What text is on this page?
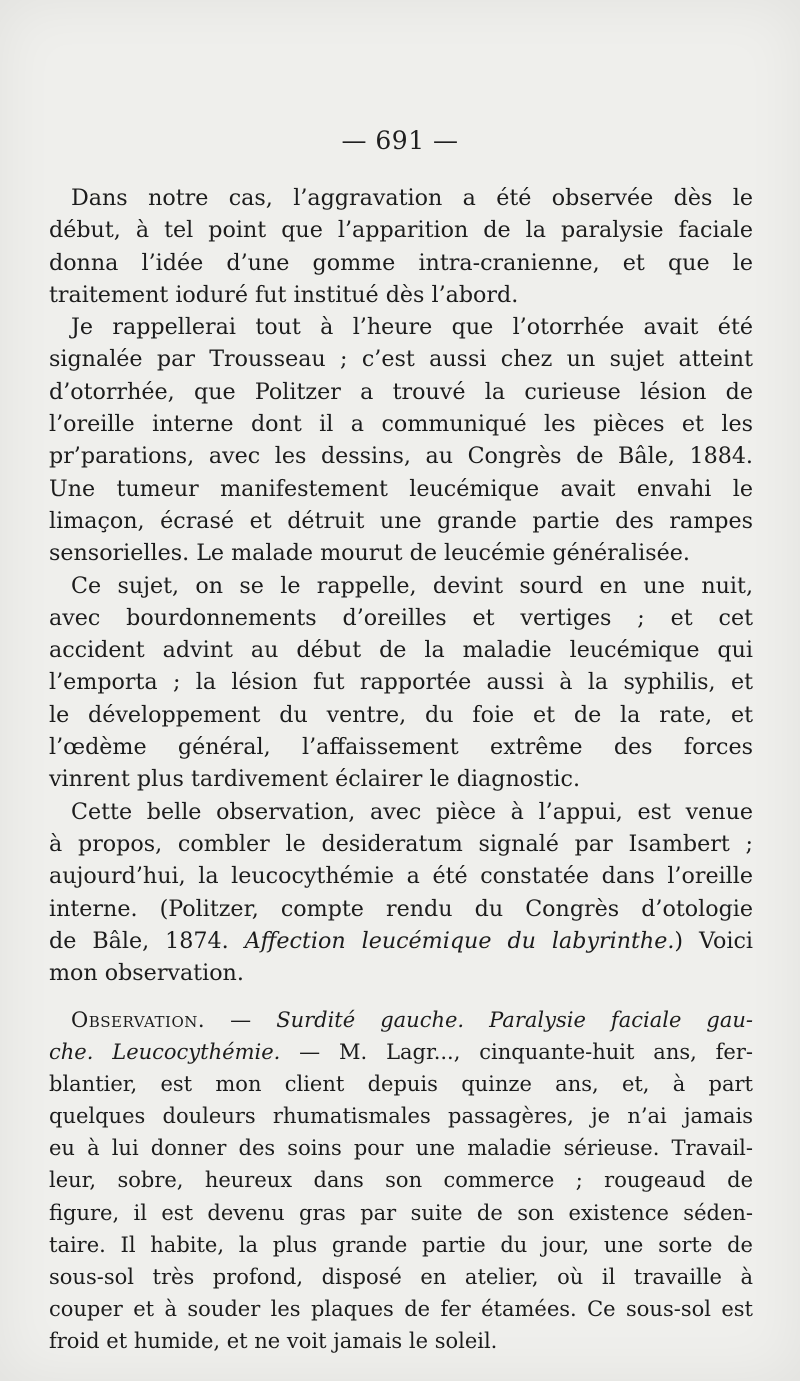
— 691 —
Dans notre cas, l’aggravation a été observée dès le
début, à tel point que l’apparition de la paralysie faciale
donna l’idée d’une gomme intra-cranienne, et que le
traitement ioduré fut institué dès l’abord.
Je rappellerai tout à l’heure que l’otorrhée avait été
signalée par Trousseau ; c’est aussi chez un sujet atteint
d’otorrhée, que Politzer a trouvé la curieuse lésion de
l’oreille interne dont il a communiqué les pièces et les
pr’parations, avec les dessins, au Congrès de Bâle, 1884.
Une tumeur manifestement leucémique avait envahi le
limaçon, écrasé et détruit une grande partie des rampes
sensorielles. Le malade mourut de leucémie généralisée.
Ce sujet, on se le rappelle, devint sourd en une nuit,
avec bourdonnements d’oreilles et vertiges ; et cet
accident advint au début de la maladie leucémique qui
l’emporta ; la lésion fut rapportée aussi à la syphilis, et
le développement du ventre, du foie et de la rate, et
l’œdème général, l’affaissement extrême des forces
vinrent plus tardivement éclairer le diagnostic.
Cette belle observation, avec pièce à l’appui, est venue
à propos, combler le desideratum signalé par Isambert ;
aujourd’hui, la leucocythémie a été constatée dans l’oreille
interne. (Politzer, compte rendu du Congrès d’otologie
de Bâle, 1874. Affection leucémique du labyrinthe.) Voici
mon observation.
Observation. — Surdité gauche. Paralysie faciale gau-
che. Leucocythémie. — M. Lagr..., cinquante-huit ans, fer-
blantier, est mon client depuis quinze ans, et, à part
quelques douleurs rhumatismales passagères, je n’ai jamais
eu à lui donner des soins pour une maladie sérieuse. Travail-
leur, sobre, heureux dans son commerce ; rougeaud de
figure, il est devenu gras par suite de son existence séden-
taire. Il habite, la plus grande partie du jour, une sorte de
sous-sol très profond, disposé en atelier, où il travaille à
couper et à souder les plaques de fer étamées. Ce sous-sol est
froid et humide, et ne voit jamais le soleil.
